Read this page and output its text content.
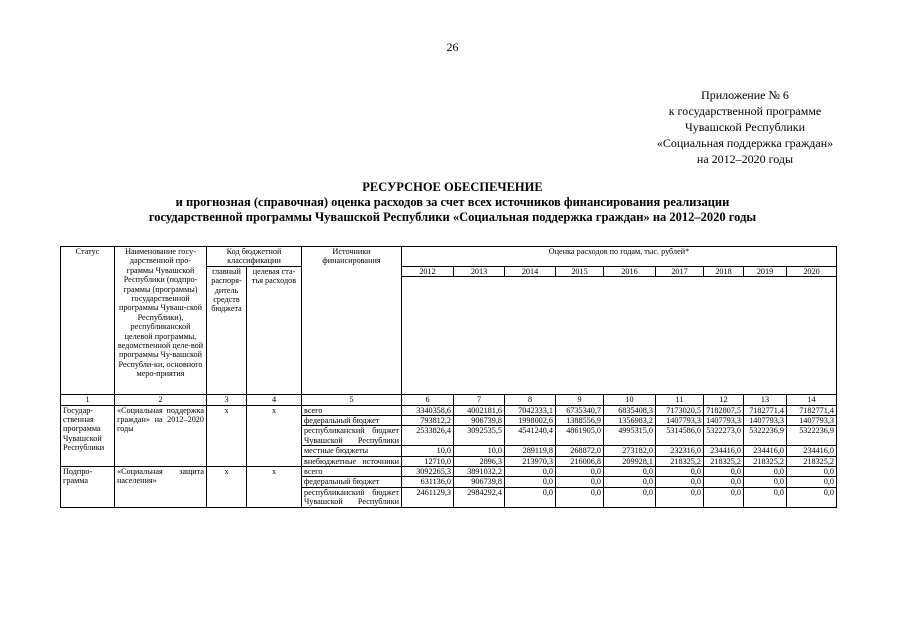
26
Приложение № 6
к государственной программе
Чувашской Республики
«Социальная поддержка граждан»
на 2012–2020 годы
РЕСУРСНОЕ ОБЕСПЕЧЕНИЕ
и прогнозная (справочная) оценка расходов за счет всех источников финансирования реализации
государственной программы Чувашской Республики «Социальная поддержка граждан» на 2012–2020 годы
Статус	Наименование госу-дарственной про-граммы Чувашской Республики (подпро-граммы (программы) государственной программы Чуваш-ской Республики), республиканской целевой программы, ведомственной целе-вой программы Чу-вашской Республи-ки, основного меро-приятия	Код бюджетной классификации		Источники финансирования	Оценка расходов по годам, тыс. рублей*								
		главный распоря-дитель средств бюджета	целевая ста-тья расходов		2012	2013	2014	2015	2016	2017	2018	2019	2020

1	2	3	4	5	6	7	8	9	10	11	12	13	14
Государ-ственная программа Чувашской Республики	«Социальная поддержка граждан» на 2012–2020 годы	x	x	всего	3340358,6	4002181,6	7042333,1	6735340,7	6835408,3	7173020,5	7182807,5	7182771,4	7182771,4
				федеральный бюджет	793812,2	906739,8	1998002,6	1388556,9	1356983,2	1407793,3	1407793,3	1407793,3	1407793,3
				республиканский бюджет Чувашской Республики	2533826,4	3092535,5	4541240,4	4861905,0	4995315,0	5314586,0	5322273,0	5322236,9	5322236,9
				местные бюджеты	10,0	10,0	289119,8	268872,0	273182,0	232316,0	234416,0	234416,0	234416,0
				внебюджетные источники	12710,0	2896,3	213970,3	216006,8	209928,1	218325,2	218325,2	218325,2	218325,2
Подпро-грамма	«Социальная защита населения»	x	x	всего	3092265,3	3891032,2	0,0	0,0	0,0	0,0	0,0	0,0	0,0
				федеральный бюджет	631136,0	906739,8	0,0	0,0	0,0	0,0	0,0	0,0	0,0
				республиканский бюджет Чувашской Республики	2461129,3	2984292,4	0,0	0,0	0,0	0,0	0,0	0,0	0,0
